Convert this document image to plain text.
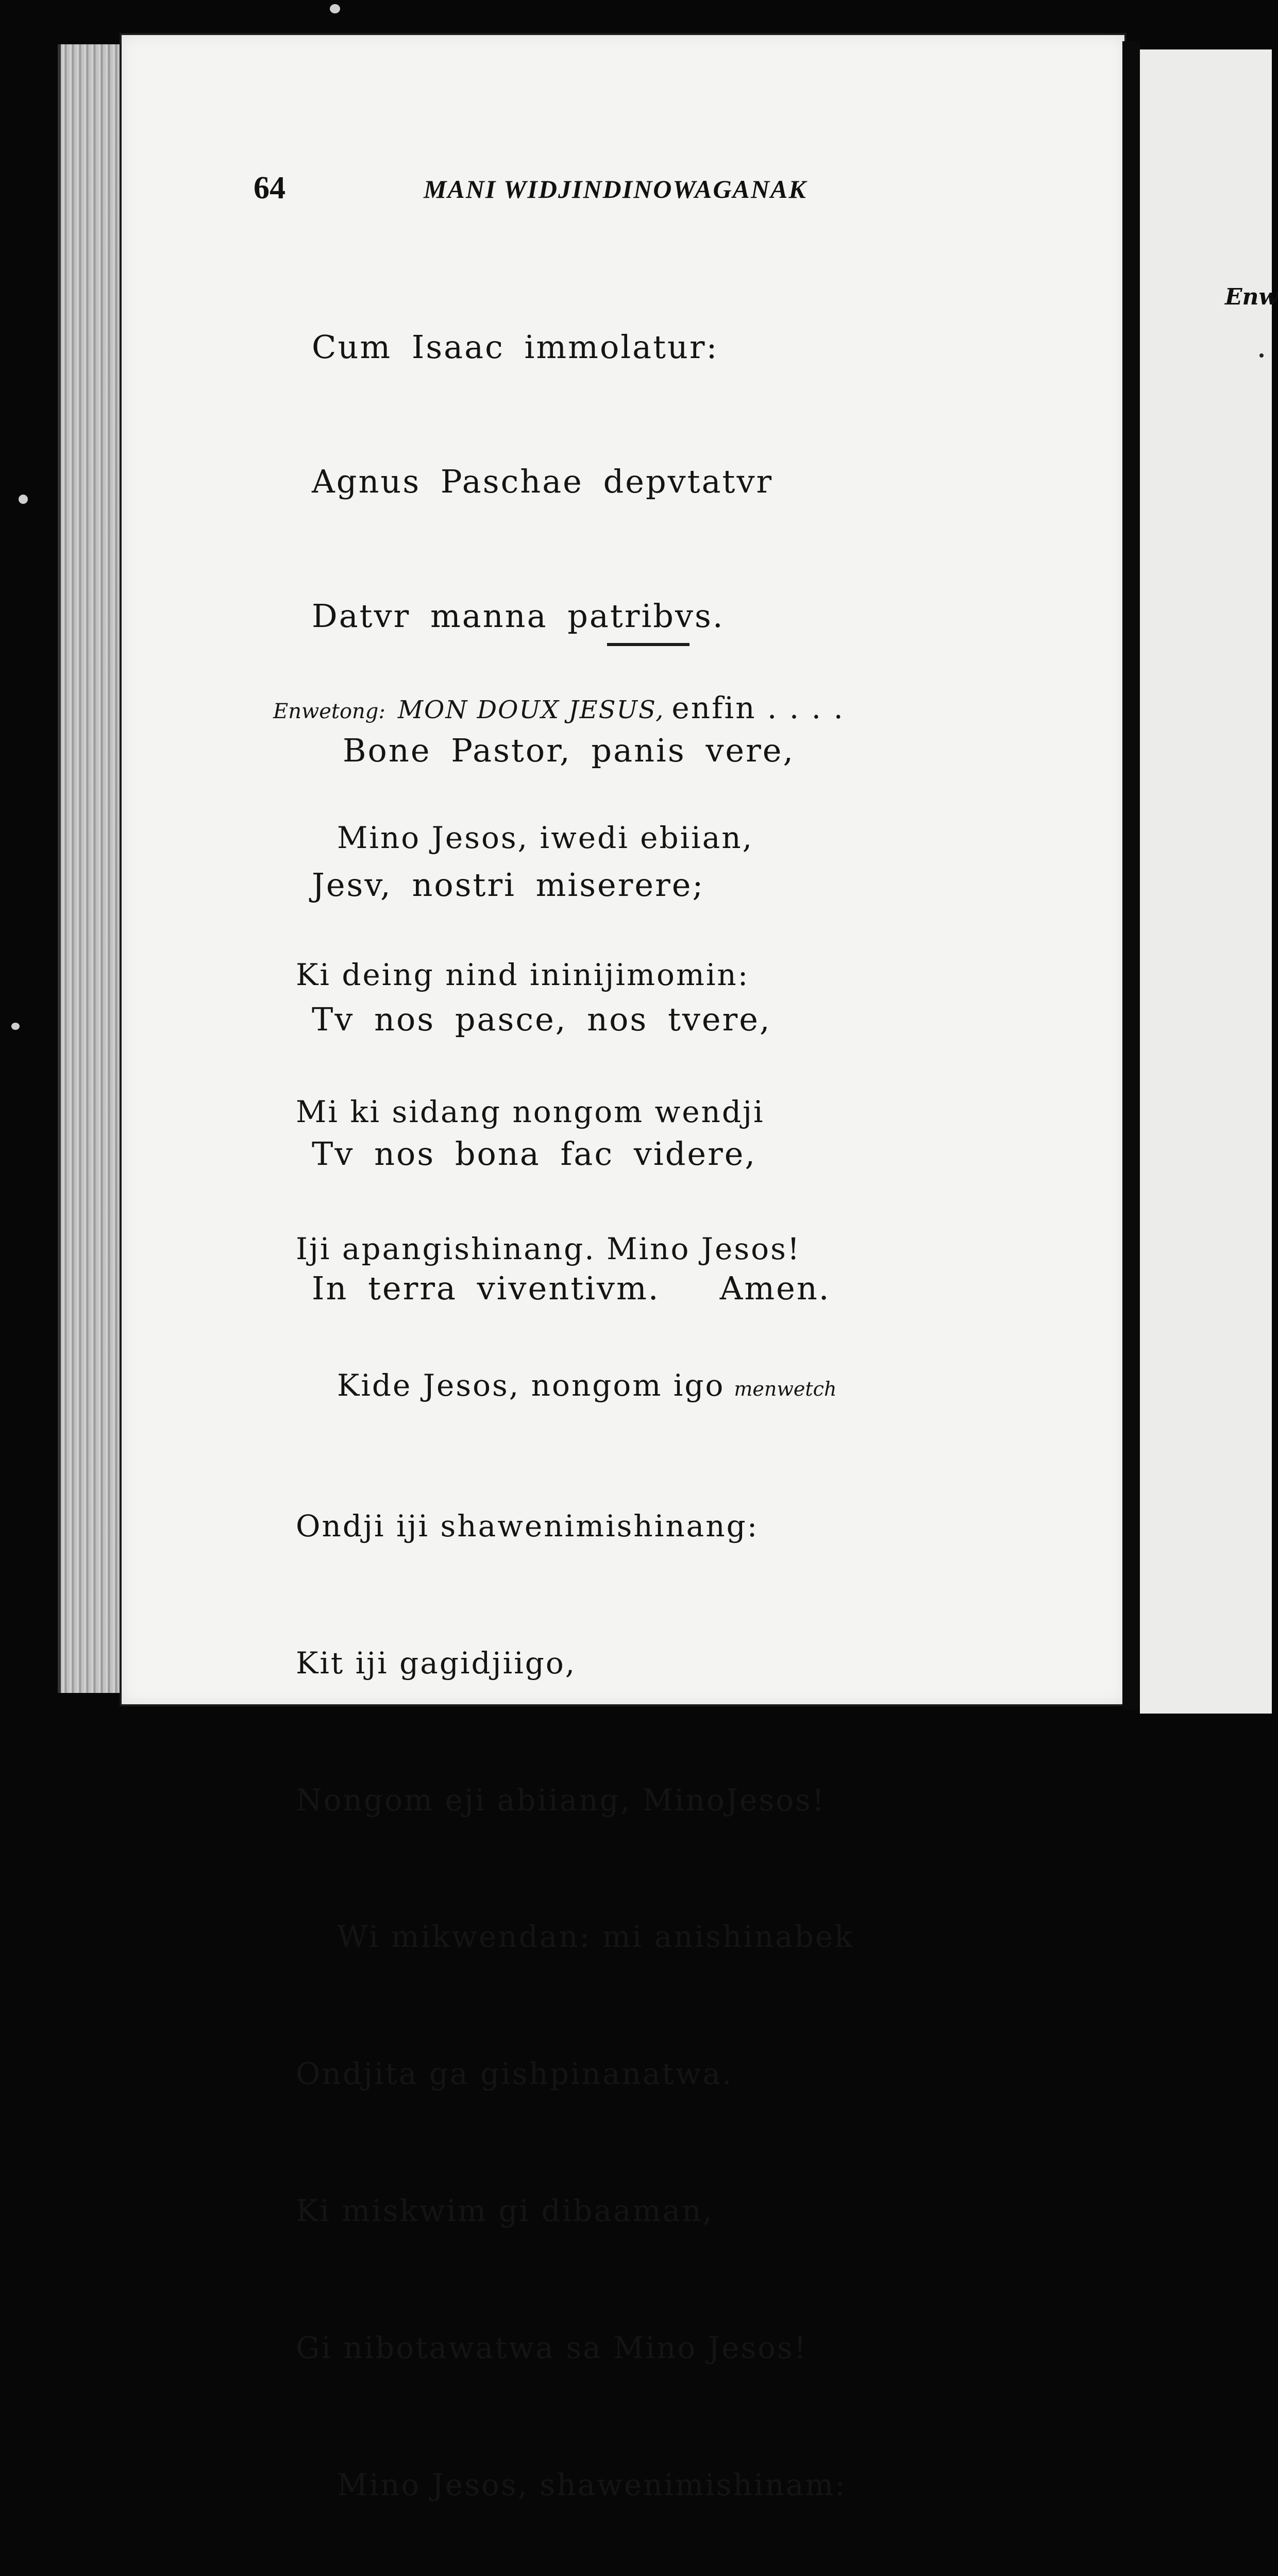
Enw
64	MANI WIDJINDINOWAGANAK

Cum Isaac immolatur:

Agnus Paschae depvtatvr

Datvr manna patribvs.

Bone Pastor, panis vere,

Jesv, nostri miserere;

Tv nos pasce, nos tvere,

Tv nos bona fac videre,

In terra viventivm.   Amen.

Enwetong: MON DOUX JESUS, enfin . . . .

Mino Jesos, iwedi ebiian,

Ki deing nind ininijimomin:

Mi ki sidang nongom wendji

Iji apangishinang. Mino Jesos!

Kide Jesos, nongom igo menwetch

Ondji iji shawenimishinang:

Kit iji gagidjiigo,

Nongom eji abiiang, MinoJesos!

Wi mikwendan: mi anishinabek

Ondjita ga gishpinanatwa.

Ki miskwim gi dibaaman,

Gi nibotawatwa sa Mino Jesos!

Mino Jesos, shawenimishinam:
